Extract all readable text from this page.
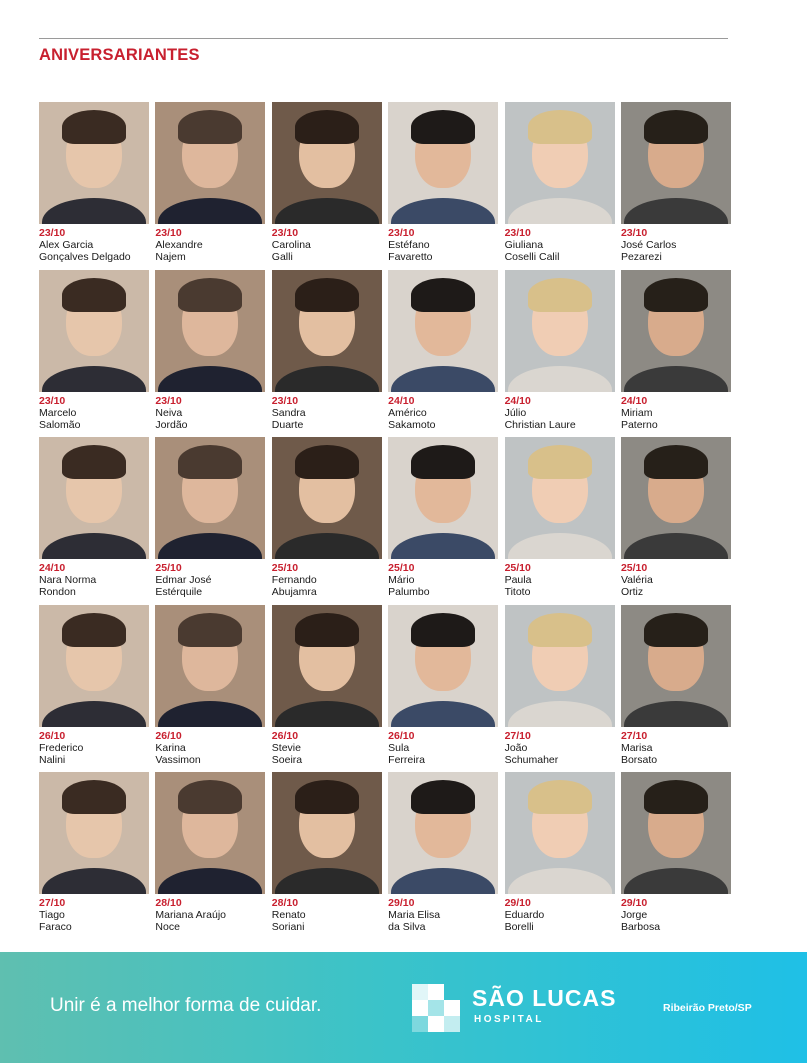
ANIVERSARIANTES
23/10
Alex Garcia
Gonçalves Delgado
23/10
Alexandre
Najem
23/10
Carolina
Galli
23/10
Estéfano
Favaretto
23/10
Giuliana
Coselli Calil
23/10
José Carlos
Pezarezi
23/10
Marcelo
Salomão
23/10
Neiva
Jordão
23/10
Sandra
Duarte
24/10
Américo
Sakamoto
24/10
Júlio
Christian Laure
24/10
Miriam
Paterno
24/10
Nara Norma
Rondon
25/10
Edmar José
Estérquile
25/10
Fernando
Abujamra
25/10
Mário
Palumbo
25/10
Paula
Titoto
25/10
Valéria
Ortiz
26/10
Frederico
Nalini
26/10
Karina
Vassimon
26/10
Stevie
Soeira
26/10
Sula
Ferreira
27/10
João
Schumaher
27/10
Marisa
Borsato
27/10
Tiago
Faraco
28/10
Mariana Araújo
Noce
28/10
Renato
Soriani
29/10
Maria Elisa
da Silva
29/10
Eduardo
Borelli
29/10
Jorge
Barbosa
Unir é a melhor forma de cuidar.	SÃO LUCAS
HOSPITAL
Ribeirão Preto/SP
